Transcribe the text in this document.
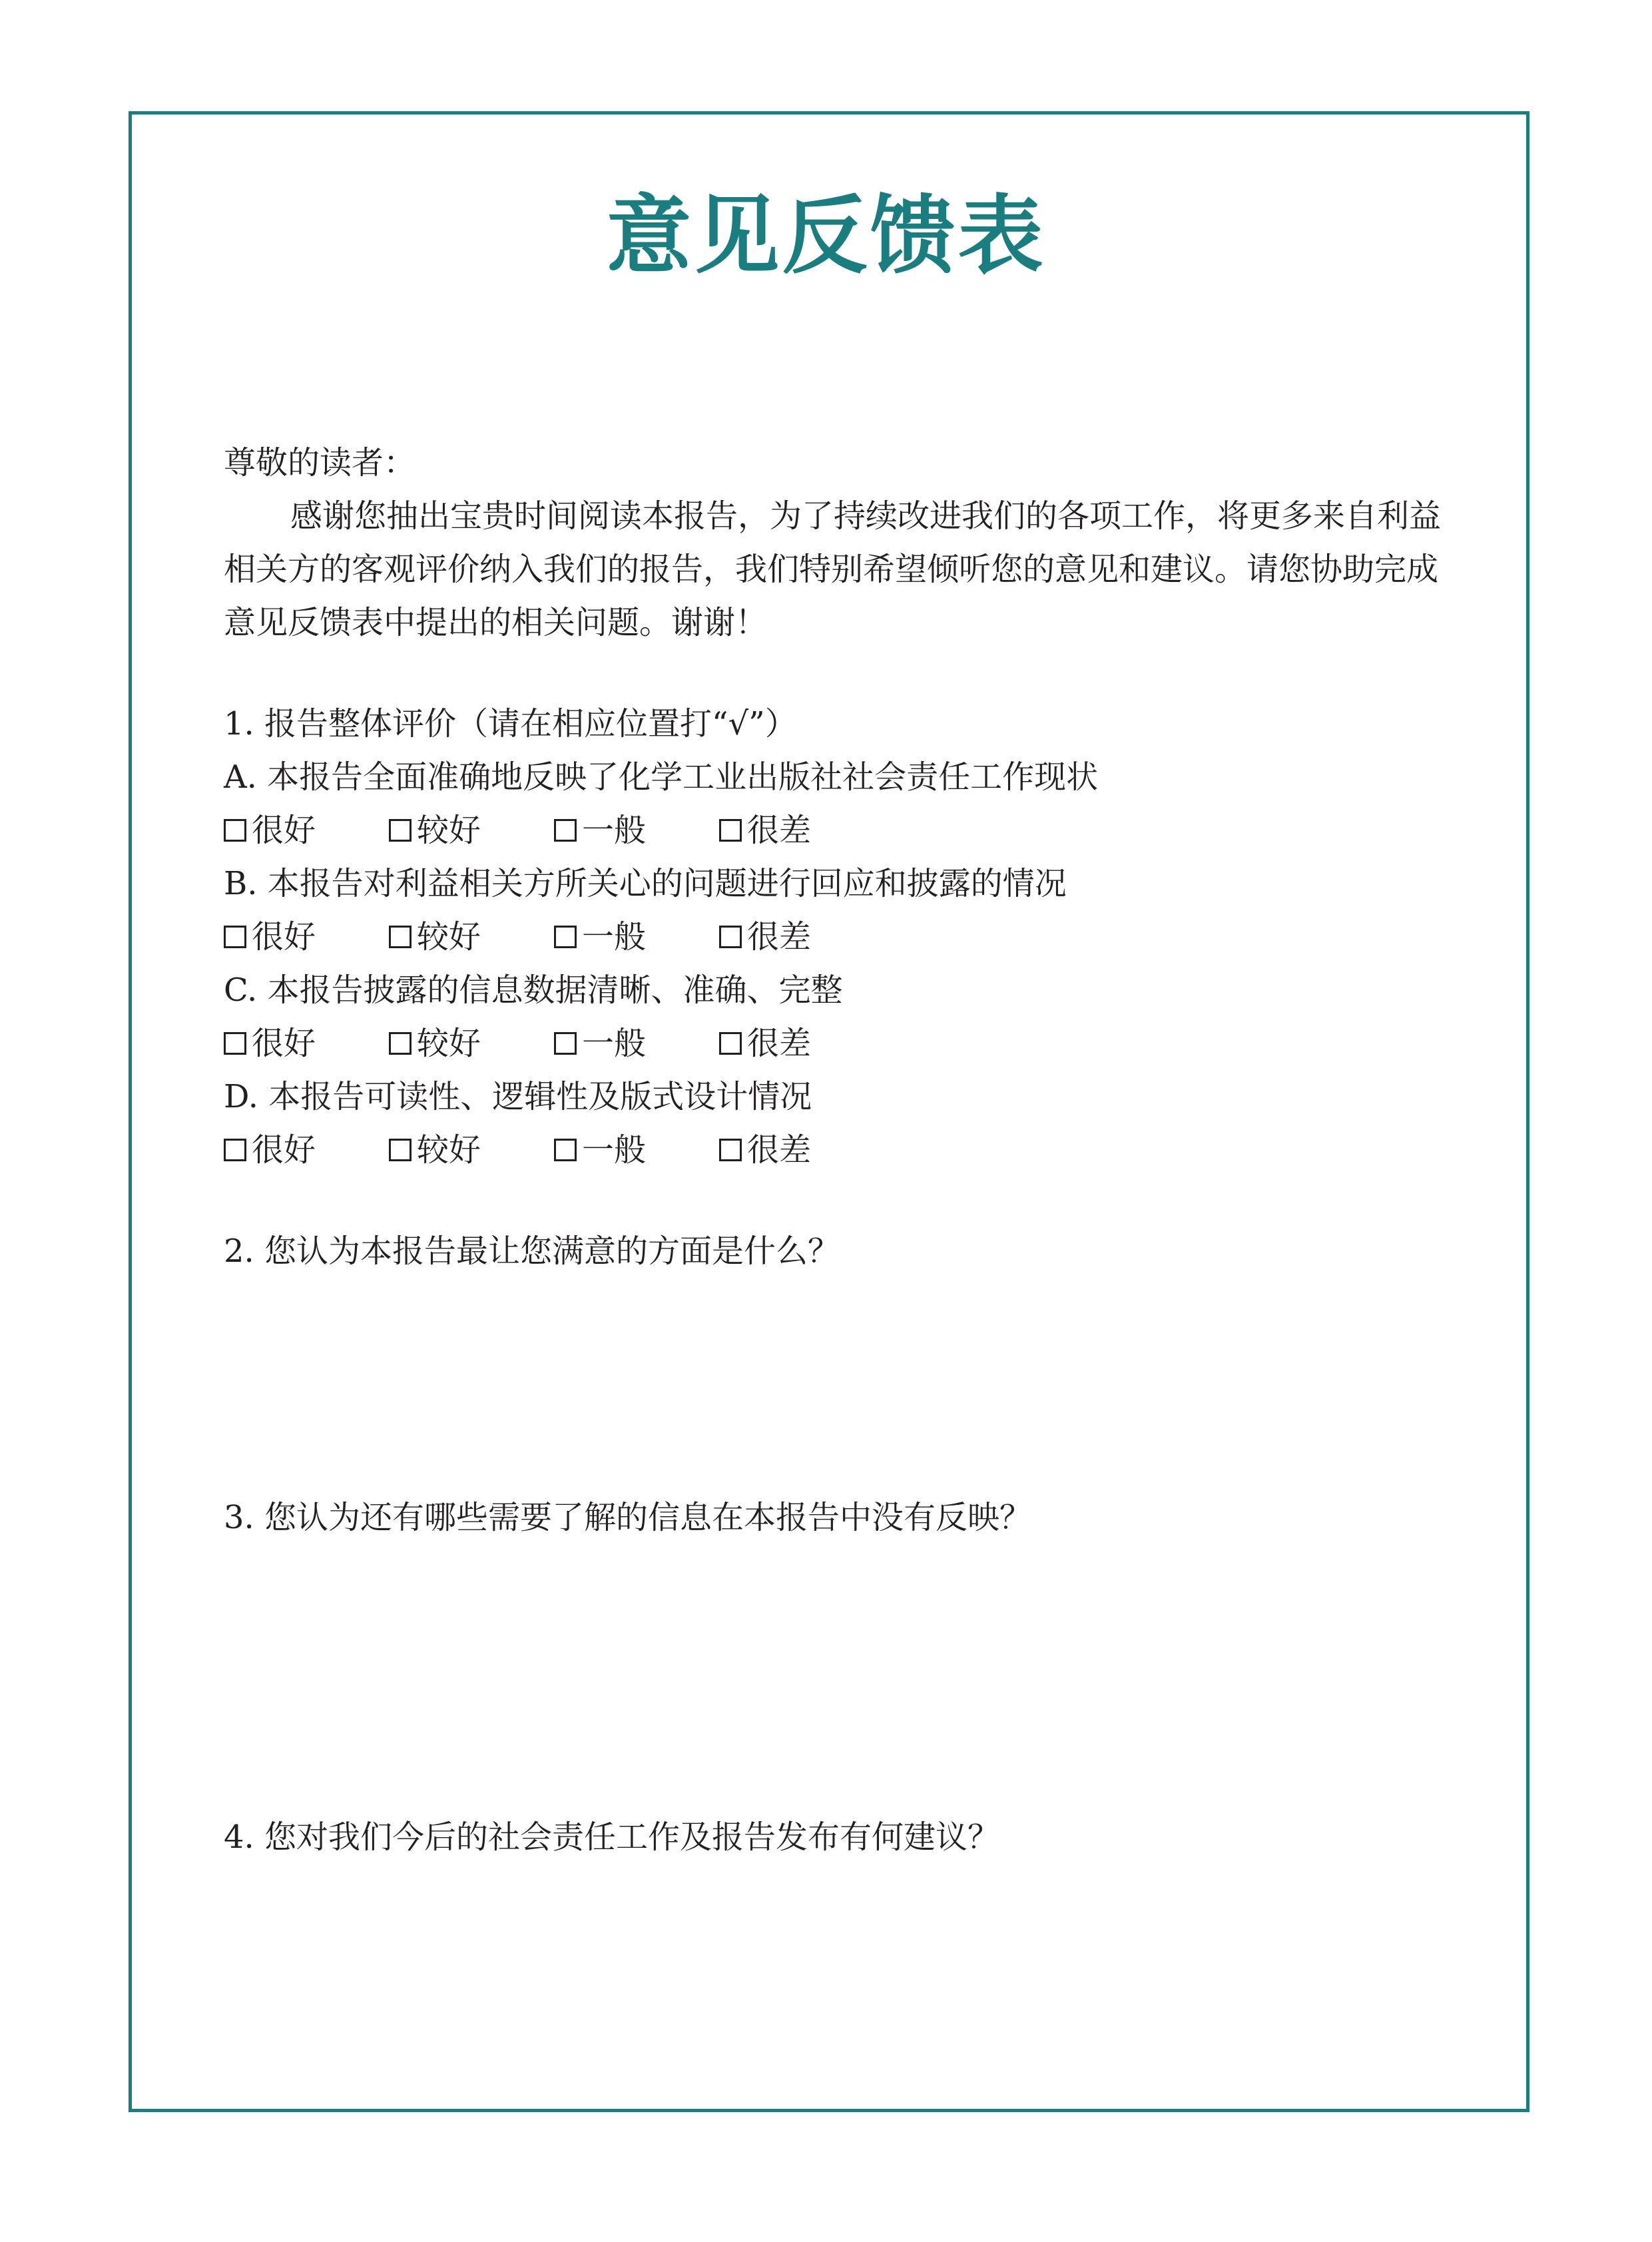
意见反馈表

尊敬的读者：

感谢您抽出宝贵时间阅读本报告，为了持续改进我们的各项工作，将更多来自利益相关方的客观评价纳入我们的报告，我们特别希望倾听您的意见和建议。请您协助完成意见反馈表中提出的相关问题。谢谢！

1. 报告整体评价（请在相应位置打“√”）

A. 本报告全面准确地反映了化学工业出版社社会责任工作现状

很好	较好	一般	很差

B. 本报告对利益相关方所关心的问题进行回应和披露的情况

很好	较好	一般	很差

C. 本报告披露的信息数据清晰、准确、完整

很好	较好	一般	很差

D. 本报告可读性、逻辑性及版式设计情况

很好	较好	一般	很差

2. 您认为本报告最让您满意的方面是什么？

3. 您认为还有哪些需要了解的信息在本报告中没有反映？

4. 您对我们今后的社会责任工作及报告发布有何建议？
